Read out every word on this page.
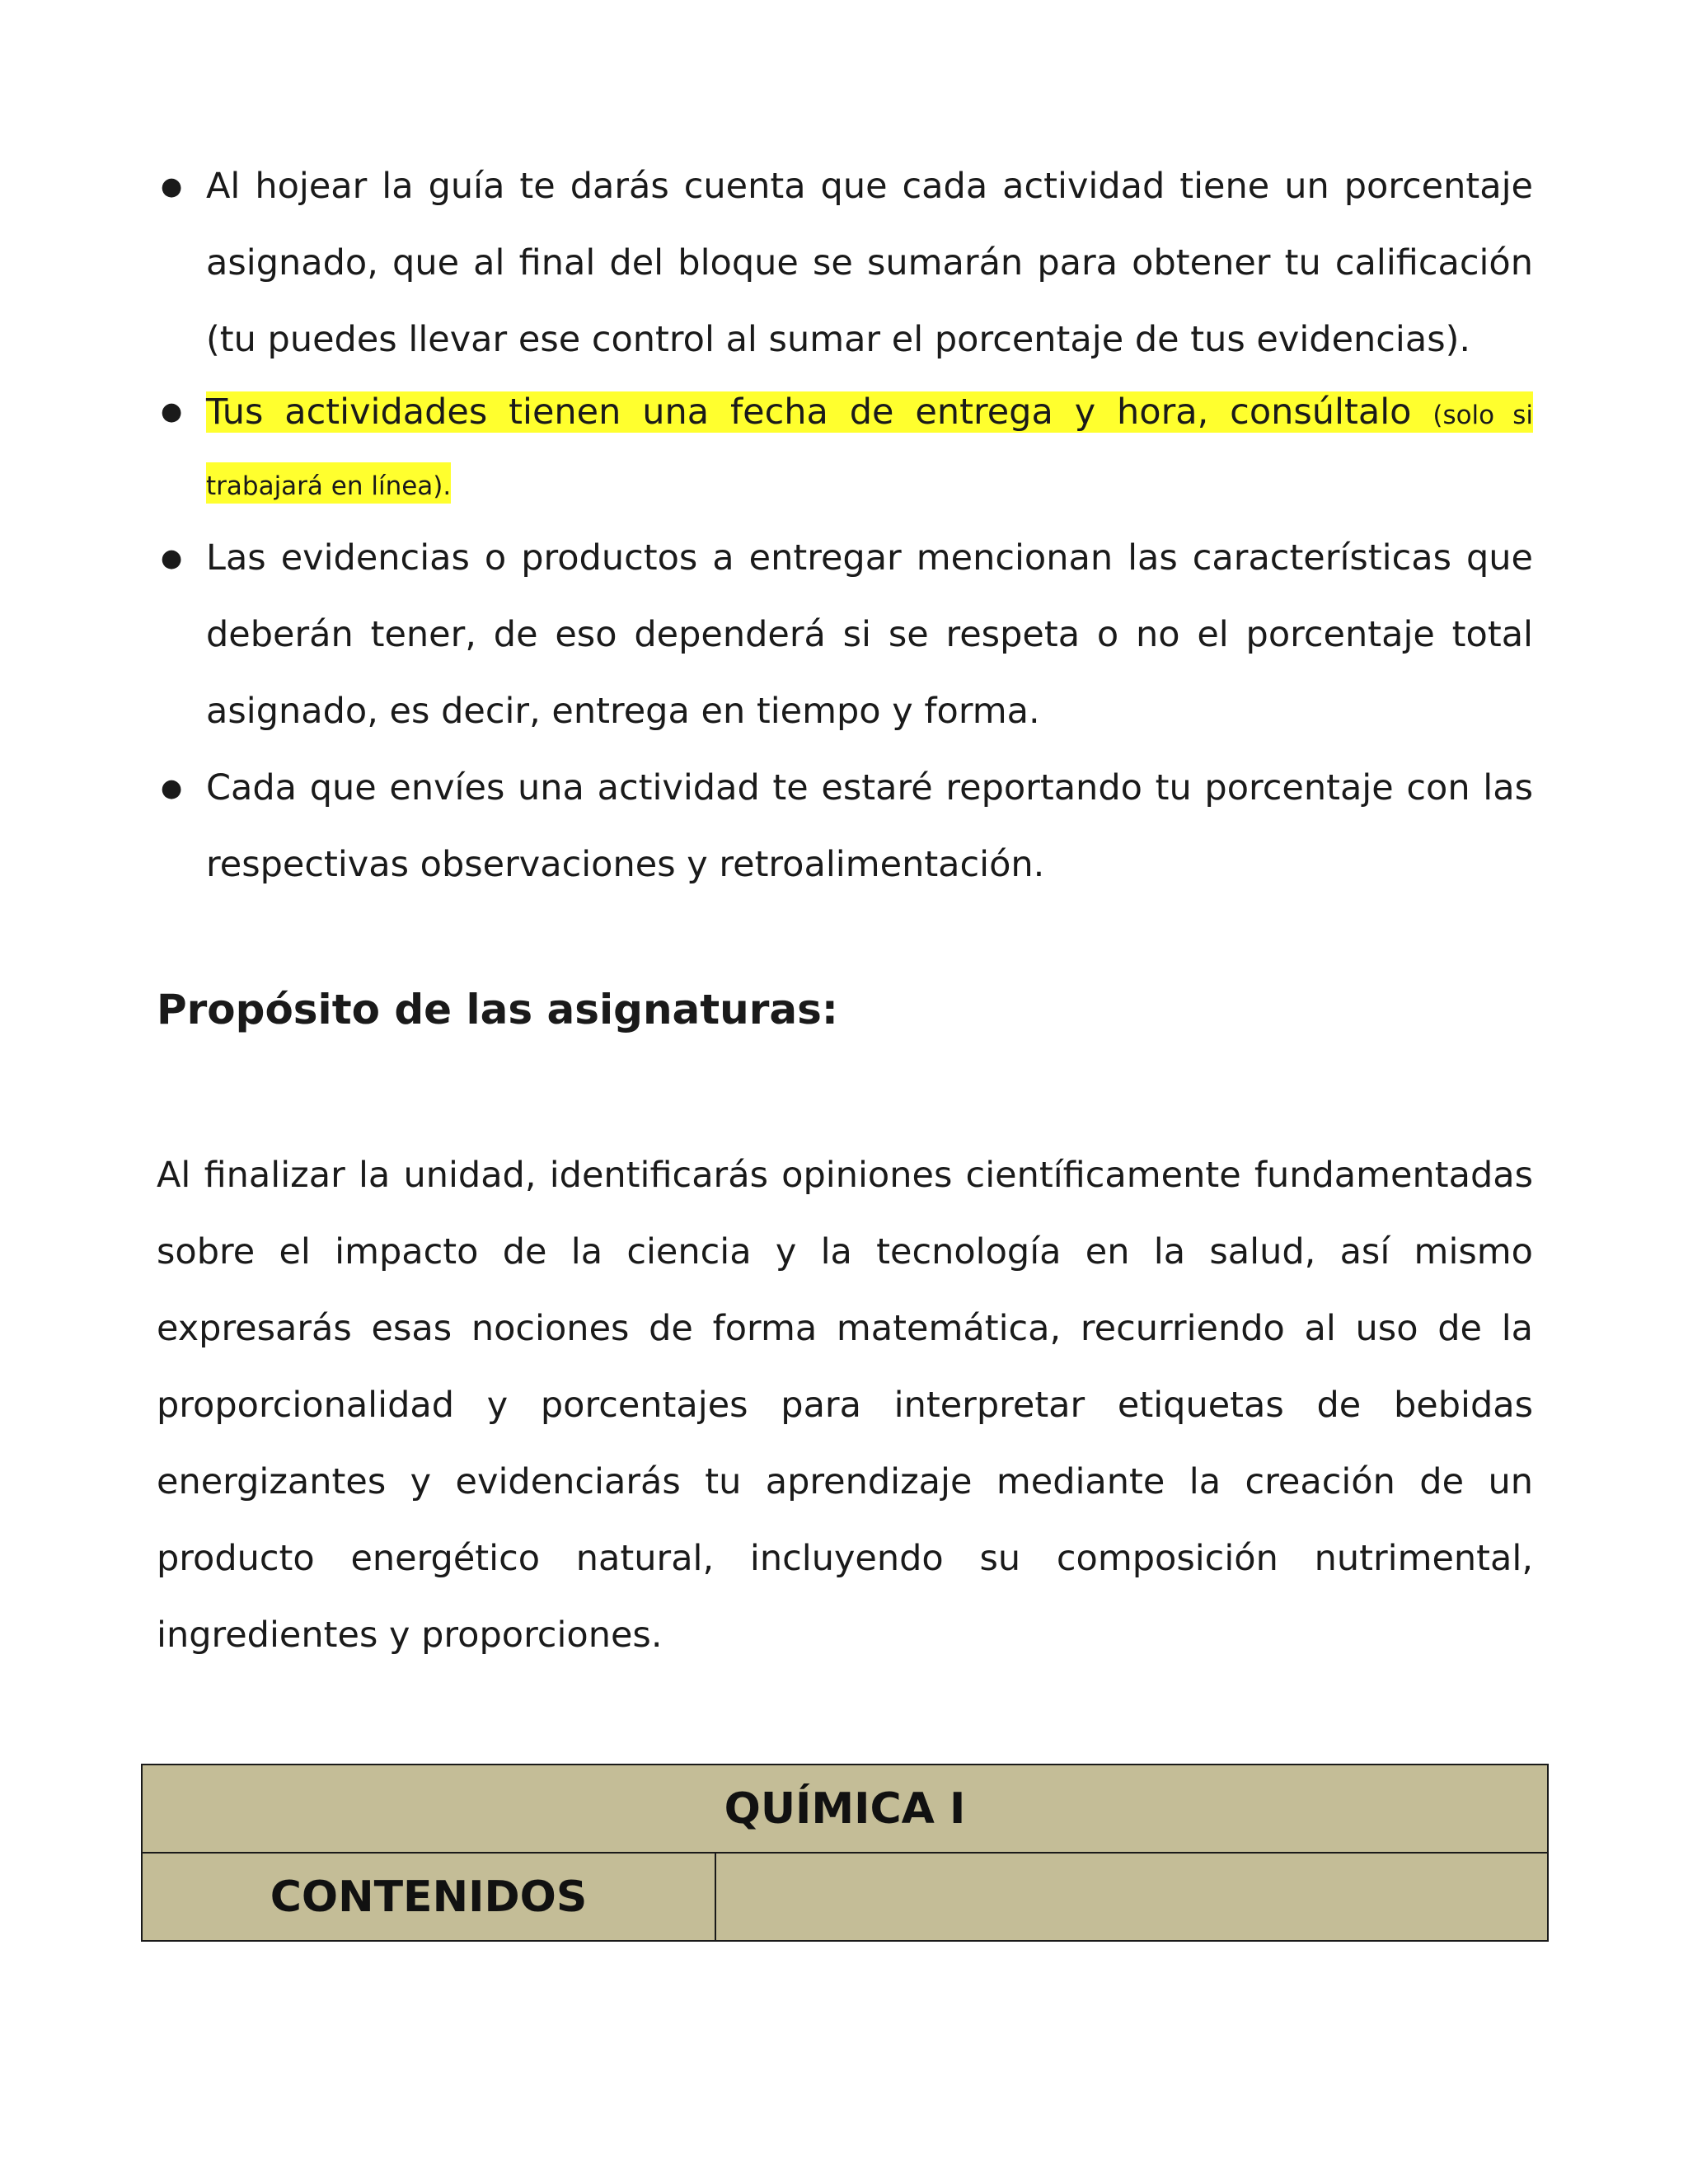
● Al hojear la guía te darás cuenta que cada actividad tiene un porcentaje asignado, que al final del bloque se sumarán para obtener tu calificación (tu puedes llevar ese control al sumar el porcentaje de tus evidencias).
● Tus actividades tienen una fecha de entrega y hora, consúltalo (solo si trabajará en línea).
● Las evidencias o productos a entregar mencionan las características que deberán tener, de eso dependerá si se respeta o no el porcentaje total asignado, es decir, entrega en tiempo y forma.
● Cada que envíes una actividad te estaré reportando tu porcentaje con las respectivas observaciones y retroalimentación.
Propósito de las asignaturas:
Al finalizar la unidad, identificarás opiniones científicamente fundamentadas sobre el impacto de la ciencia y la tecnología en la salud, así mismo expresarás esas nociones de forma matemática, recurriendo al uso de la proporcionalidad y porcentajes para interpretar etiquetas de bebidas energizantes y evidenciarás tu aprendizaje mediante la creación de un producto energético natural, incluyendo su composición nutrimental, ingredientes y proporciones.
QUÍMICA I
CONTENIDOS	
